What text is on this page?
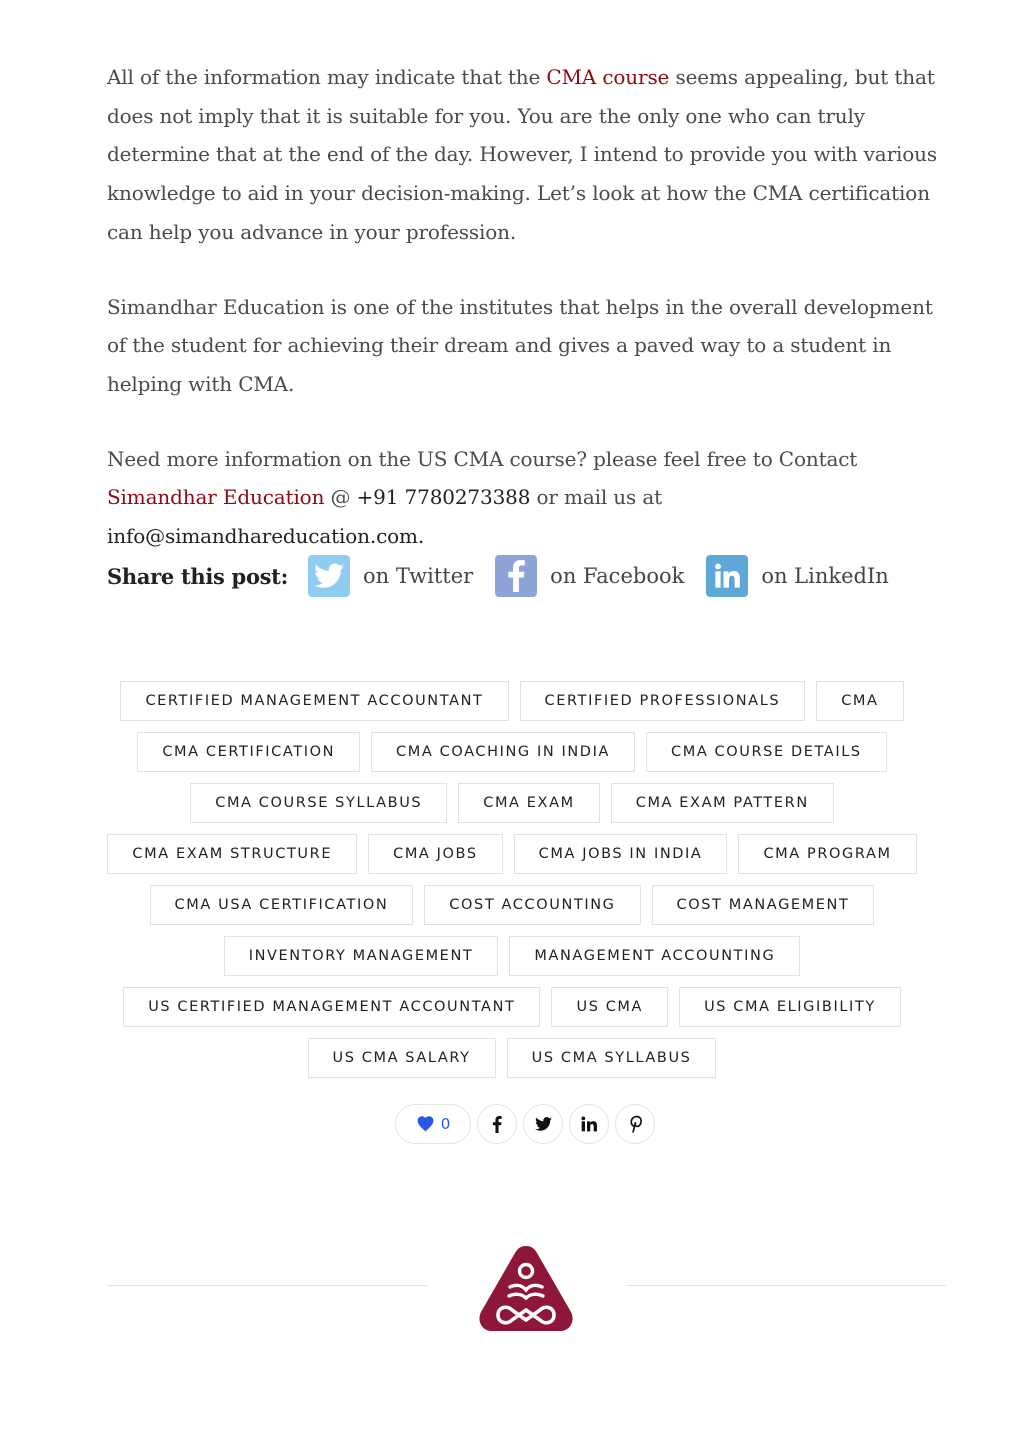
All of the information may indicate that the CMA course seems appealing, but that does not imply that it is suitable for you. You are the only one who can truly determine that at the end of the day. However, I intend to provide you with various knowledge to aid in your decision-making. Let’s look at how the CMA certification can help you advance in your profession.

Simandhar Education is one of the institutes that helps in the overall development of the student for achieving their dream and gives a paved way to a student in helping with CMA.

Need more information on the US CMA course? please feel free to Contact Simandhar Education @ +91 7780273388 or mail us at info@simandhareducation.com.

Share this post:	on Twitter	on Facebook	on LinkedIn
CERTIFIED MANAGEMENT ACCOUNTANT	CERTIFIED PROFESSIONALS	CMA
CMA CERTIFICATION	CMA COACHING IN INDIA	CMA COURSE DETAILS
CMA COURSE SYLLABUS	CMA EXAM	CMA EXAM PATTERN
CMA EXAM STRUCTURE	CMA JOBS	CMA JOBS IN INDIA	CMA PROGRAM
CMA USA CERTIFICATION	COST ACCOUNTING	COST MANAGEMENT
INVENTORY MANAGEMENT	MANAGEMENT ACCOUNTING
US CERTIFIED MANAGEMENT ACCOUNTANT	US CMA	US CMA ELIGIBILITY
US CMA SALARY	US CMA SYLLABUS
0
